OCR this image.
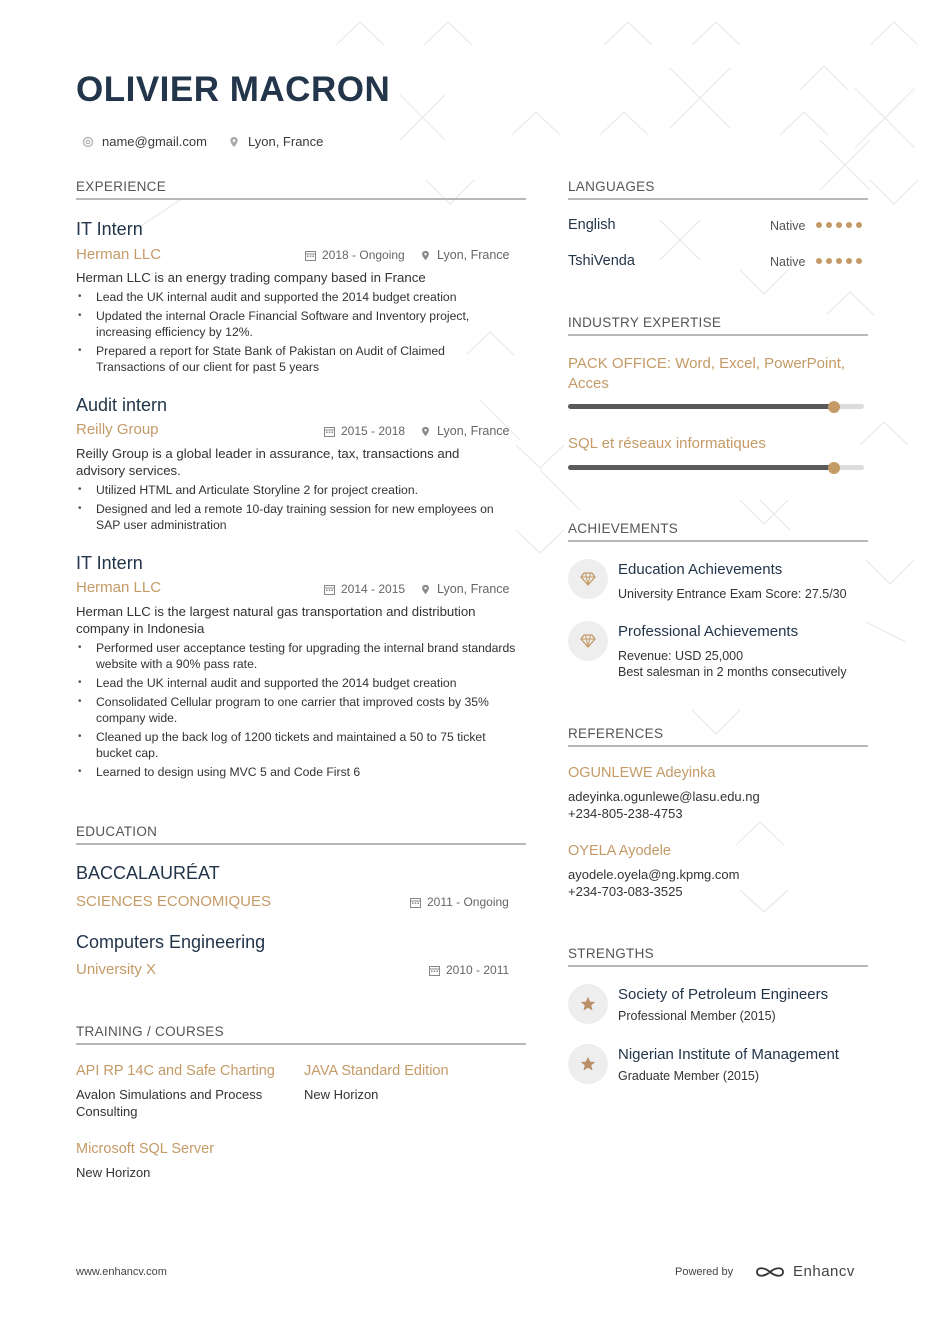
OLIVIER MACRON
name@gmail.com	Lyon, France
EXPERIENCE
IT Intern
Herman LLC	2018 - Ongoing	Lyon, France
Herman LLC is an energy trading company based in France
• Lead the UK internal audit and supported the 2014 budget creation
• Updated the internal Oracle Financial Software and Inventory project, increasing efficiency by 12%.
• Prepared a report for State Bank of Pakistan on Audit of Claimed Transactions of our client for past 5 years
Audit intern
Reilly Group	2015 - 2018	Lyon, France
Reilly Group is a global leader in assurance, tax, transactions and advisory services.
• Utilized HTML and Articulate Storyline 2 for project creation.
• Designed and led a remote 10-day training session for new employees on SAP user administration
IT Intern
Herman LLC	2014 - 2015	Lyon, France
Herman LLC is the largest natural gas transportation and distribution company in Indonesia
• Performed user acceptance testing for upgrading the internal brand standards website with a 90% pass rate.
• Lead the UK internal audit and supported the 2014 budget creation
• Consolidated Cellular program to one carrier that improved costs by 35% company wide.
• Cleaned up the back log of 1200 tickets and maintained a 50 to 75 ticket bucket cap.
• Learned to design using MVC 5 and Code First 6
EDUCATION
BACCALAURÉAT
SCIENCES ECONOMIQUES	2011 - Ongoing
Computers Engineering
University X	2010 - 2011
TRAINING / COURSES
API RP 14C and Safe Charting
Avalon Simulations and Process Consulting
JAVA Standard Edition
New Horizon
Microsoft SQL Server
New Horizon
LANGUAGES
English	Native
TshiVenda	Native
INDUSTRY EXPERTISE
PACK OFFICE: Word, Excel, PowerPoint, Acces
SQL et réseaux informatiques
ACHIEVEMENTS
Education Achievements
University Entrance Exam Score: 27.5/30
Professional Achievements
Revenue: USD 25,000
Best salesman in 2 months consecutively
REFERENCES
OGUNLEWE Adeyinka
adeyinka.ogunlewe@lasu.edu.ng
+234-805-238-4753
OYELA Ayodele
ayodele.oyela@ng.kpmg.com
+234-703-083-3525
STRENGTHS
Society of Petroleum Engineers
Professional Member (2015)
Nigerian Institute of Management
Graduate Member (2015)
www.enhancv.com	Powered by	Enhancv
